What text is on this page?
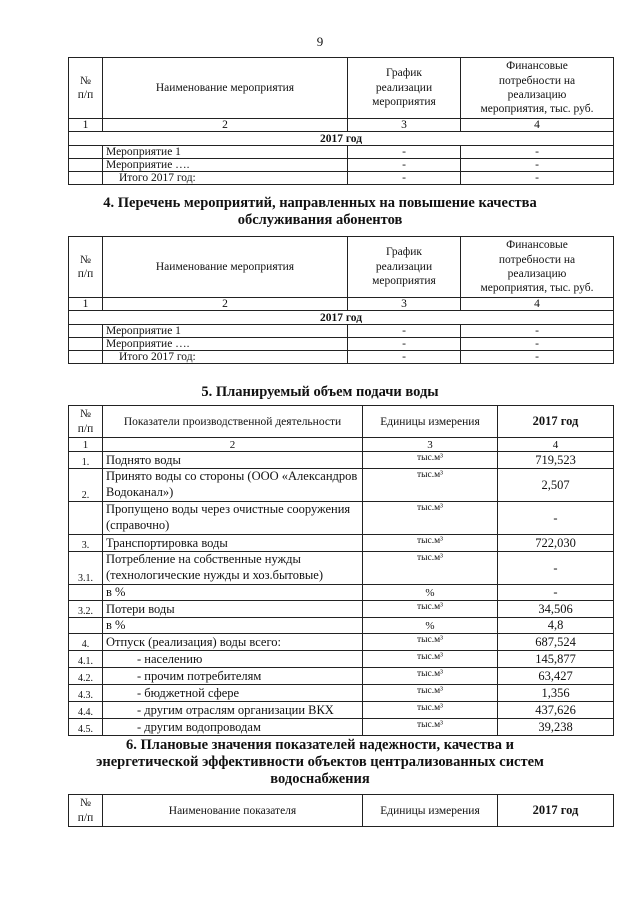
9
№
п/п	Наименование мероприятия	График
реализации
мероприятия	Финансовые
потребности на
реализацию
мероприятия, тыс. руб.
1	2	3	4
2017 год			
	Мероприятие 1	-	-
	Мероприятие ….	-	-
	Итого 2017 год:	-	-
4. Перечень мероприятий, направленных на повышение качества
обслуживания абонентов
№
п/п	Наименование мероприятия	График
реализации
мероприятия	Финансовые
потребности на
реализацию
мероприятия, тыс. руб.
1	2	3	4
2017 год			
	Мероприятие 1	-	-
	Мероприятие ….	-	-
	Итого 2017 год:	-	-
5. Планируемый объем подачи воды
№
п/п	Показатели производственной деятельности	Единицы измерения	2017 год
1	2	3	4
1.	Поднято воды	тыс.м³	719,523
2.	Принято воды со стороны (ООО «Александров Водоканал»)	тыс.м³	2,507
	Пропущено воды через очистные сооружения (справочно)	тыс.м³	-
3.	Транспортировка воды	тыс.м³	722,030
3.1.	Потребление на собственные нужды (технологические нужды и хоз.бытовые)	тыс.м³	-
	в %	%	-
3.2.	Потери воды	тыс.м³	34,506
	в %	%	4,8
4.	Отпуск (реализация) воды всего:	тыс.м³	687,524
4.1.	- населению	тыс.м³	145,877
4.2.	- прочим потребителям	тыс.м³	63,427
4.3.	- бюджетной сфере	тыс.м³	1,356
4.4.	- другим отраслям организации ВКХ	тыс.м³	437,626
4.5.	- другим водопроводам	тыс.м³	39,238
6. Плановые значения показателей надежности, качества и
энергетической эффективности объектов централизованных систем
водоснабжения
№
п/п	Наименование показателя	Единицы измерения	2017 год
